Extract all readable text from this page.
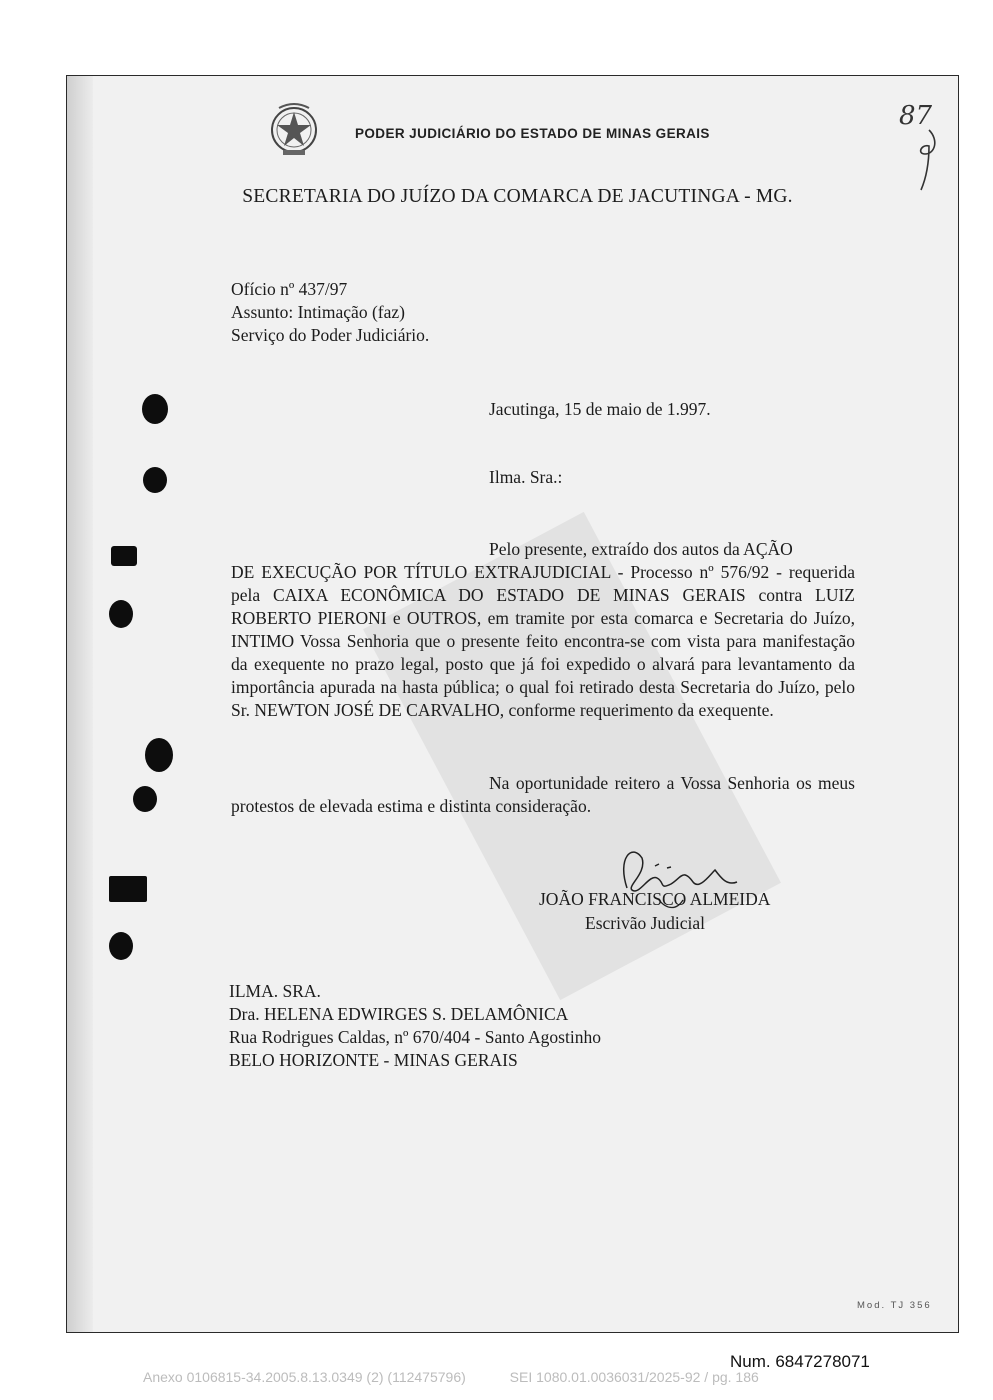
PODER JUDICIÁRIO DO ESTADO DE MINAS GERAIS
87
SECRETARIA DO JUÍZO DA COMARCA DE JACUTINGA - MG.
Ofício nº 437/97
Assunto: Intimação (faz)
Serviço do Poder Judiciário.
Jacutinga, 15 de maio de 1.997.
Ilma. Sra.:
Pelo presente, extraído dos autos da AÇÃO
DE EXECUÇÃO POR TÍTULO EXTRAJUDICIAL - Processo nº 576/92 - requerida pela CAIXA ECONÔMICA DO ESTADO DE MINAS GERAIS contra LUIZ ROBERTO PIERONI e OUTROS, em tramite por esta comarca e Secretaria do Juízo, INTIMO Vossa Senhoria que o presente feito encontra-se com vista para manifestação da exequente no prazo legal, posto que já foi expedido o alvará para levantamento da importância apurada na hasta pública; o qual foi retirado desta Secretaria do Juízo, pelo Sr. NEWTON JOSÉ DE CARVALHO, conforme requerimento da exequente.
Na oportunidade reitero a Vossa Senhoria os meus protestos de elevada estima e distinta consideração.
JOÃO FRANCISCO ALMEIDA
Escrivão Judicial
ILMA. SRA.
Dra. HELENA EDWIRGES S. DELAMÔNICA
Rua Rodrigues Caldas, nº 670/404 - Santo Agostinho
BELO HORIZONTE - MINAS GERAIS
Mod. TJ 356
Num. 6847278071
Anexo 0106815-34.2005.8.13.0349 (2) (112475796)	SEI 1080.01.0036031/2025-92 / pg. 186
